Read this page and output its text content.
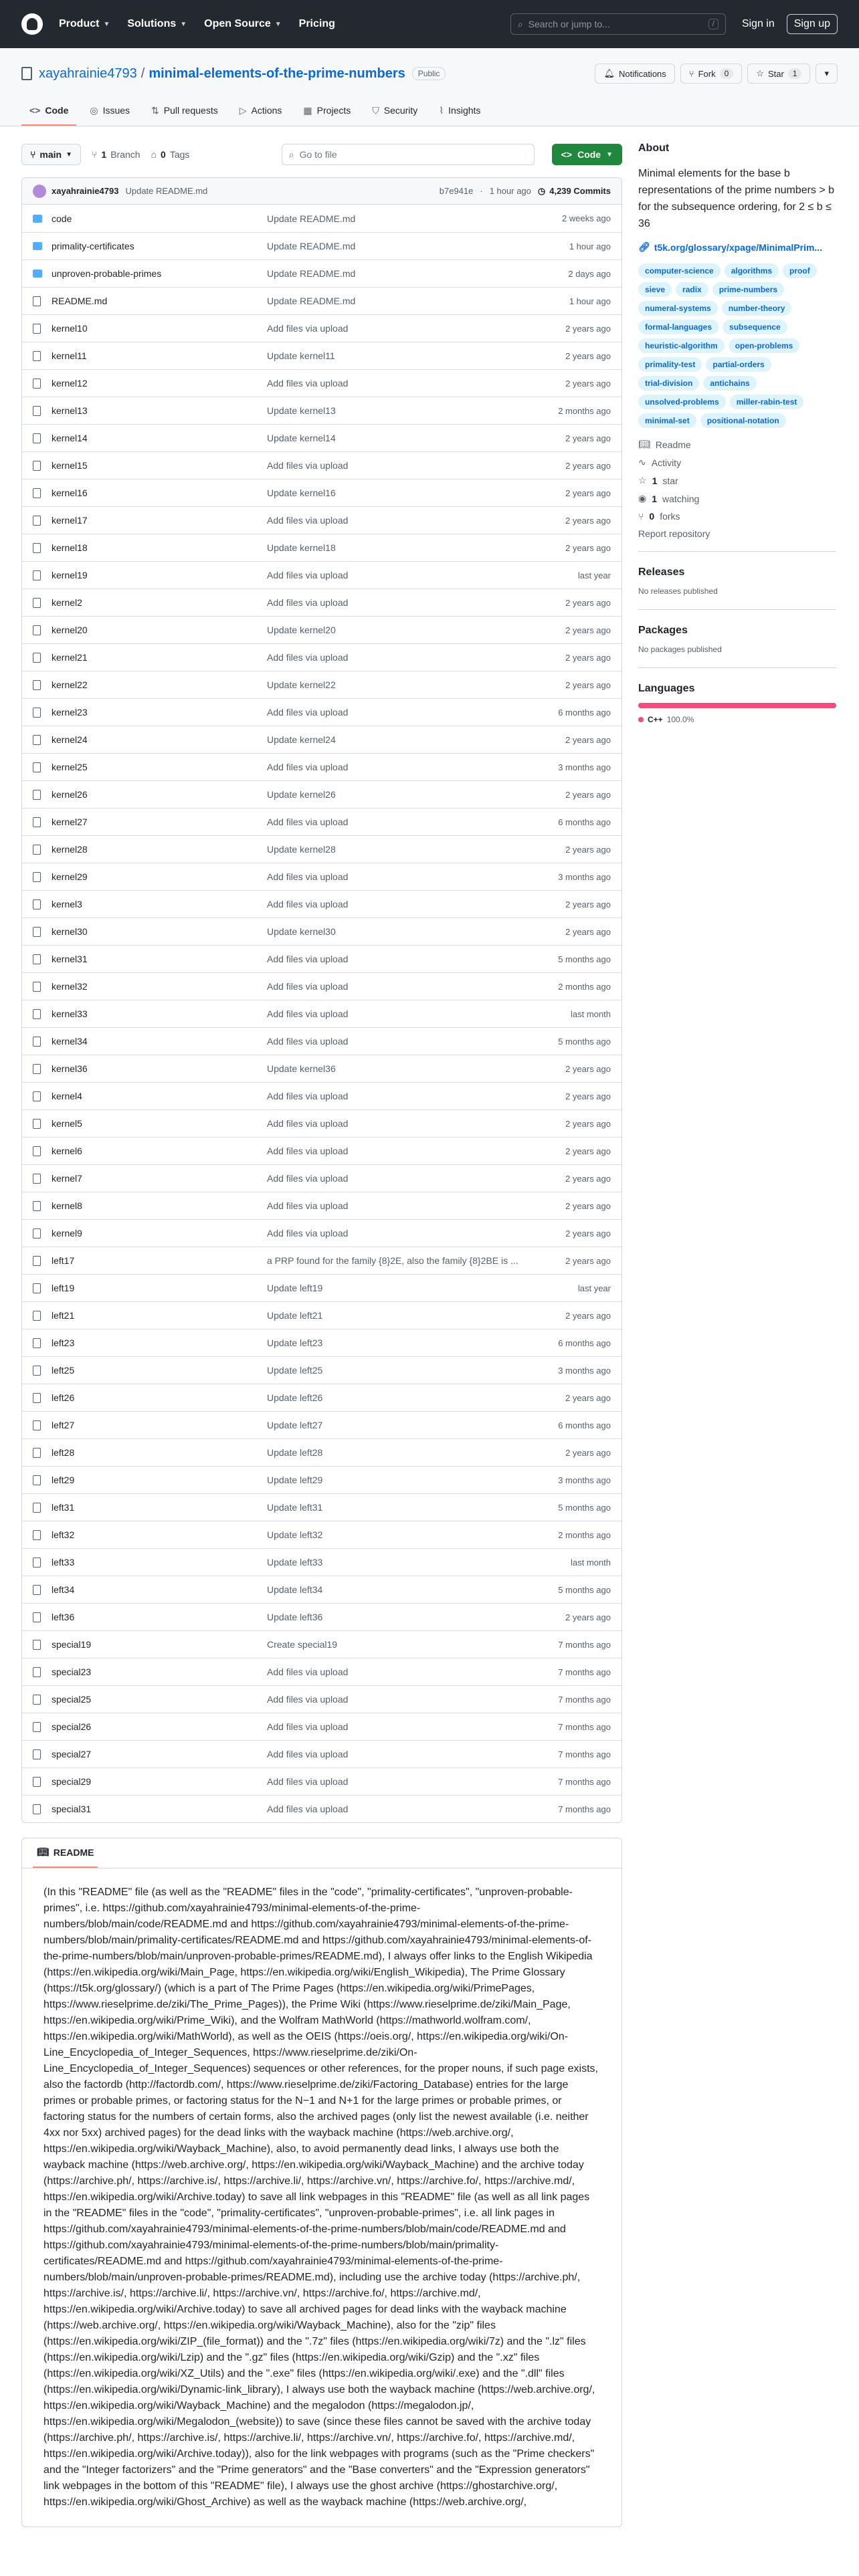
Product ▼ Solutions ▼ Open Source ▼ Pricing	⌕ Search or jump to...	/	Sign in	Sign up
xayahrainie4793 / minimal-elements-of-the-prime-numbers	Public	🔔︎ Notifications	⑂ Fork	0	☆ Star	1	▾
<> Code ◎ Issues ⇅ Pull requests ▷ Actions ▦ Projects ⛉ Security ⌇ Insights
⑂ main ▼ ⑂ 1 Branch ⌂ 0 Tags	⌕ Go to file	<> Code ▼
xayahrainie4793 Update README.md	b7e941e · 1 hour ago ◷ 4,239 Commits
code	Update README.md	2 weeks ago
primality-certificates	Update README.md	1 hour ago
unproven-probable-primes	Update README.md	2 days ago
README.md	Update README.md	1 hour ago
kernel10	Add files via upload	2 years ago
kernel11	Update kernel11	2 years ago
kernel12	Add files via upload	2 years ago
kernel13	Update kernel13	2 months ago
kernel14	Update kernel14	2 years ago
kernel15	Add files via upload	2 years ago
kernel16	Update kernel16	2 years ago
kernel17	Add files via upload	2 years ago
kernel18	Update kernel18	2 years ago
kernel19	Add files via upload	last year
kernel2	Add files via upload	2 years ago
kernel20	Update kernel20	2 years ago
kernel21	Add files via upload	2 years ago
kernel22	Update kernel22	2 years ago
kernel23	Add files via upload	6 months ago
kernel24	Update kernel24	2 years ago
kernel25	Add files via upload	3 months ago
kernel26	Update kernel26	2 years ago
kernel27	Add files via upload	6 months ago
kernel28	Update kernel28	2 years ago
kernel29	Add files via upload	3 months ago
kernel3	Add files via upload	2 years ago
kernel30	Update kernel30	2 years ago
kernel31	Add files via upload	5 months ago
kernel32	Add files via upload	2 months ago
kernel33	Add files via upload	last month
kernel34	Add files via upload	5 months ago
kernel36	Update kernel36	2 years ago
kernel4	Add files via upload	2 years ago
kernel5	Add files via upload	2 years ago
kernel6	Add files via upload	2 years ago
kernel7	Add files via upload	2 years ago
kernel8	Add files via upload	2 years ago
kernel9	Add files via upload	2 years ago
left17	a PRP found for the family {8}2E, also the family {8}2BE is ...	2 years ago
left19	Update left19	last year
left21	Update left21	2 years ago
left23	Update left23	6 months ago
left25	Update left25	3 months ago
left26	Update left26	2 years ago
left27	Update left27	6 months ago
left28	Update left28	2 years ago
left29	Update left29	3 months ago
left31	Update left31	5 months ago
left32	Update left32	2 months ago
left33	Update left33	last month
left34	Update left34	5 months ago
left36	Update left36	2 years ago
special19	Create special19	7 months ago
special23	Add files via upload	7 months ago
special25	Add files via upload	7 months ago
special26	Add files via upload	7 months ago
special27	Add files via upload	7 months ago
special29	Add files via upload	7 months ago
special31	Add files via upload	7 months ago
📖︎ README

(In this "README" file (as well as the "README" files in the "code", "primality-certificates", "unproven-probable-primes", i.e. https://github.com/xayahrainie4793/minimal-elements-of-the-prime-numbers/blob/main/code/README.md and https://github.com/xayahrainie4793/minimal-elements-of-the-prime-numbers/blob/main/primality-certificates/README.md and https://github.com/xayahrainie4793/minimal-elements-of-the-prime-numbers/blob/main/unproven-probable-primes/README.md), I always offer links to the English Wikipedia (https://en.wikipedia.org/wiki/Main_Page, https://en.wikipedia.org/wiki/English_Wikipedia), The Prime Glossary (https://t5k.org/glossary/) (which is a part of The Prime Pages (https://en.wikipedia.org/wiki/PrimePages, https://www.rieselprime.de/ziki/The_Prime_Pages)), the Prime Wiki (https://www.rieselprime.de/ziki/Main_Page, https://en.wikipedia.org/wiki/Prime_Wiki), and the Wolfram MathWorld (https://mathworld.wolfram.com/, https://en.wikipedia.org/wiki/MathWorld), as well as the OEIS (https://oeis.org/, https://en.wikipedia.org/wiki/On-Line_Encyclopedia_of_Integer_Sequences, https://www.rieselprime.de/ziki/On-Line_Encyclopedia_of_Integer_Sequences) sequences or other references, for the proper nouns, if such page exists, also the factordb (http://factordb.com/, https://www.rieselprime.de/ziki/Factoring_Database) entries for the large primes or probable primes, or factoring status for the N−1 and N+1 for the large primes or probable primes, or factoring status for the numbers of certain forms, also the archived pages (only list the newest available (i.e. neither 4xx nor 5xx) archived pages) for the dead links with the wayback machine (https://web.archive.org/, https://en.wikipedia.org/wiki/Wayback_Machine), also, to avoid permanently dead links, I always use both the wayback machine (https://web.archive.org/, https://en.wikipedia.org/wiki/Wayback_Machine) and the archive today (https://archive.ph/, https://archive.is/, https://archive.li/, https://archive.vn/, https://archive.fo/, https://archive.md/, https://en.wikipedia.org/wiki/Archive.today) to save all link webpages in this "README" file (as well as all link pages in the "README" files in the "code", "primality-certificates", "unproven-probable-primes", i.e. all link pages in https://github.com/xayahrainie4793/minimal-elements-of-the-prime-numbers/blob/main/code/README.md and https://github.com/xayahrainie4793/minimal-elements-of-the-prime-numbers/blob/main/primality-certificates/README.md and https://github.com/xayahrainie4793/minimal-elements-of-the-prime-numbers/blob/main/unproven-probable-primes/README.md), including use the archive today (https://archive.ph/, https://archive.is/, https://archive.li/, https://archive.vn/, https://archive.fo/, https://archive.md/, https://en.wikipedia.org/wiki/Archive.today) to save all archived pages for dead links with the wayback machine (https://web.archive.org/, https://en.wikipedia.org/wiki/Wayback_Machine), also for the "zip" files (https://en.wikipedia.org/wiki/ZIP_(file_format)) and the ".7z" files (https://en.wikipedia.org/wiki/7z) and the ".lz" files (https://en.wikipedia.org/wiki/Lzip) and the ".gz" files (https://en.wikipedia.org/wiki/Gzip) and the ".xz" files (https://en.wikipedia.org/wiki/XZ_Utils) and the ".exe" files (https://en.wikipedia.org/wiki/.exe) and the ".dll" files (https://en.wikipedia.org/wiki/Dynamic-link_library), I always use both the wayback machine (https://web.archive.org/, https://en.wikipedia.org/wiki/Wayback_Machine) and the megalodon (https://megalodon.jp/, https://en.wikipedia.org/wiki/Megalodon_(website)) to save (since these files cannot be saved with the archive today (https://archive.ph/, https://archive.is/, https://archive.li/, https://archive.vn/, https://archive.fo/, https://archive.md/, https://en.wikipedia.org/wiki/Archive.today)), also for the link webpages with programs (such as the "Prime checkers" and the "Integer factorizers" and the "Prime generators" and the "Base converters" and the "Expression generators" link webpages in the bottom of this "README" file), I always use the ghost archive (https://ghostarchive.org/, https://en.wikipedia.org/wiki/Ghost_Archive) as well as the wayback machine (https://web.archive.org/,

About

Minimal elements for the base b representations of the prime numbers > b for the subsequence ordering, for 2 ≤ b ≤ 36

🔗︎ t5k.org/glossary/xpage/MinimalPrim...
computer-science	algorithms	proof
sieve	radix	prime-numbers
numeral-systems	number-theory
formal-languages	subsequence
heuristic-algorithm	open-problems
primality-test	partial-orders
trial-division	antichains
unsolved-problems	miller-rabin-test
minimal-set	positional-notation
📖︎ Readme
∿ Activity
☆ 1 star
◉ 1 watching
⑂ 0 forks
Report repository
Releases

No releases published

Packages

No packages published

Languages
C++ 100.0%
